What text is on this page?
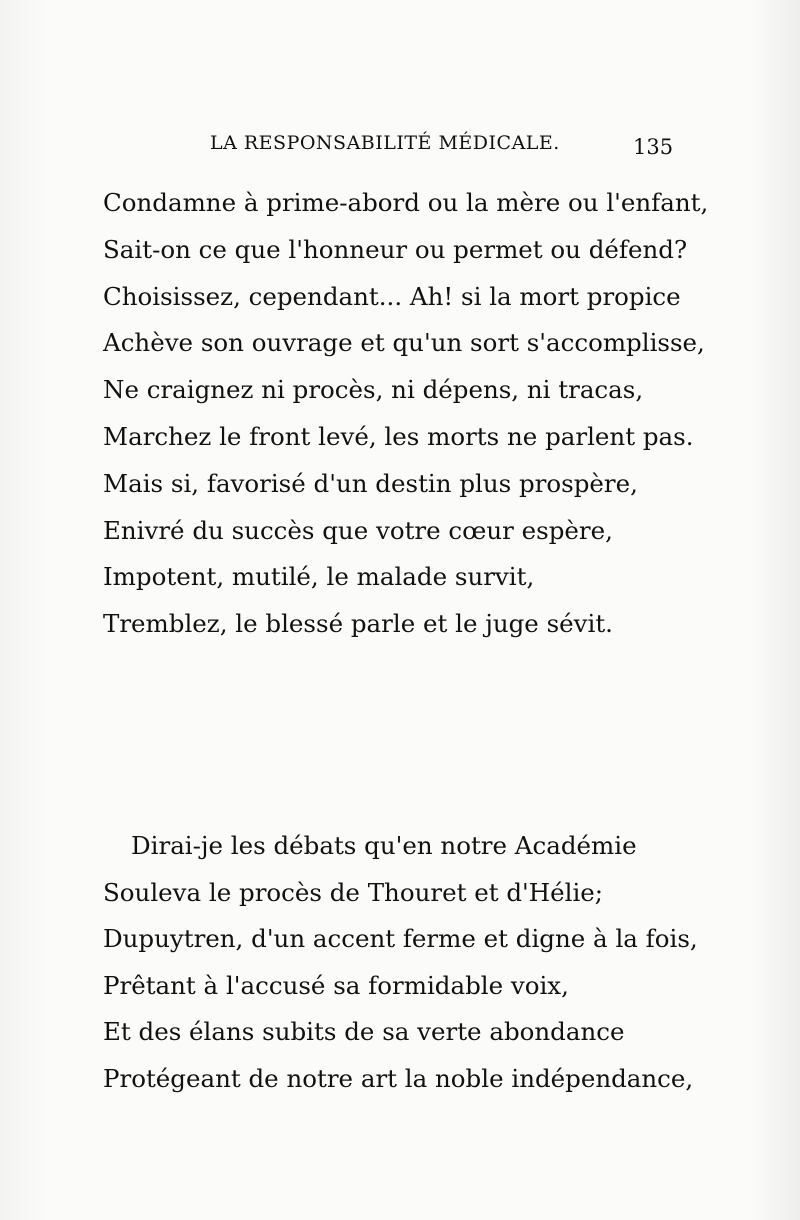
LA RESPONSABILITÉ MÉDICALE.	135
Condamne à prime-abord ou la mère ou l'enfant,
Sait-on ce que l'honneur ou permet ou défend?
Choisissez, cependant... Ah! si la mort propice
Achève son ouvrage et qu'un sort s'accomplisse,
Ne craignez ni procès, ni dépens, ni tracas,
Marchez le front levé, les morts ne parlent pas.
Mais si, favorisé d'un destin plus prospère,
Enivré du succès que votre cœur espère,
Impotent, mutilé, le malade survit,
Tremblez, le blessé parle et le juge sévit.
Dirai-je les débats qu'en notre Académie
Souleva le procès de Thouret et d'Hélie;
Dupuytren, d'un accent ferme et digne à la fois,
Prêtant à l'accusé sa formidable voix,
Et des élans subits de sa verte abondance
Protégeant de notre art la noble indépendance,
